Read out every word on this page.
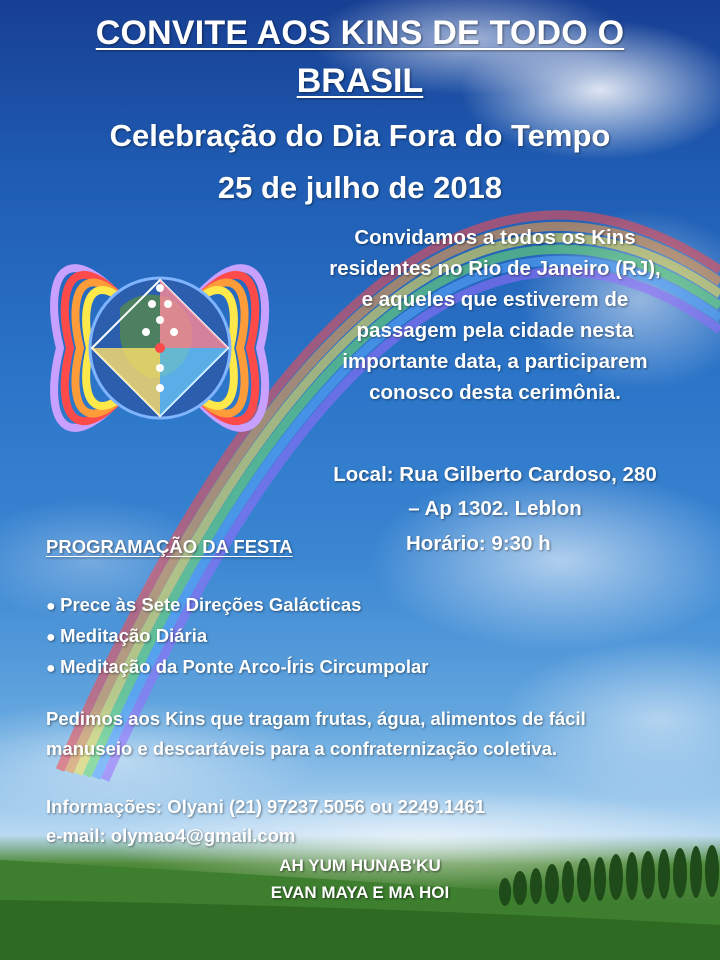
CONVITE AOS KINS DE TODO O
BRASIL
Celebração do Dia Fora do Tempo
25 de julho de 2018
Convidamos a todos os Kins
residentes no Rio de Janeiro (RJ),
e aqueles que estiverem de
passagem pela cidade nesta
importante data, a participarem
conosco desta cerimônia.
Local: Rua Gilberto Cardoso, 280
– Ap 1302. Leblon
Horário: 9:30 h
PROGRAMAÇÃO DA FESTA
● Prece às Sete Direções Galácticas
● Meditação Diária
● Meditação da Ponte Arco-Íris Circumpolar
Pedimos aos Kins que tragam frutas, água, alimentos de fácil
manuseio e descartáveis para a confraternização coletiva.
Informações: Olyani (21) 97237.5056 ou 2249.1461
e-mail: olymao4@gmail.com
AH YUM HUNAB'KU
EVAN MAYA E MA HOI
